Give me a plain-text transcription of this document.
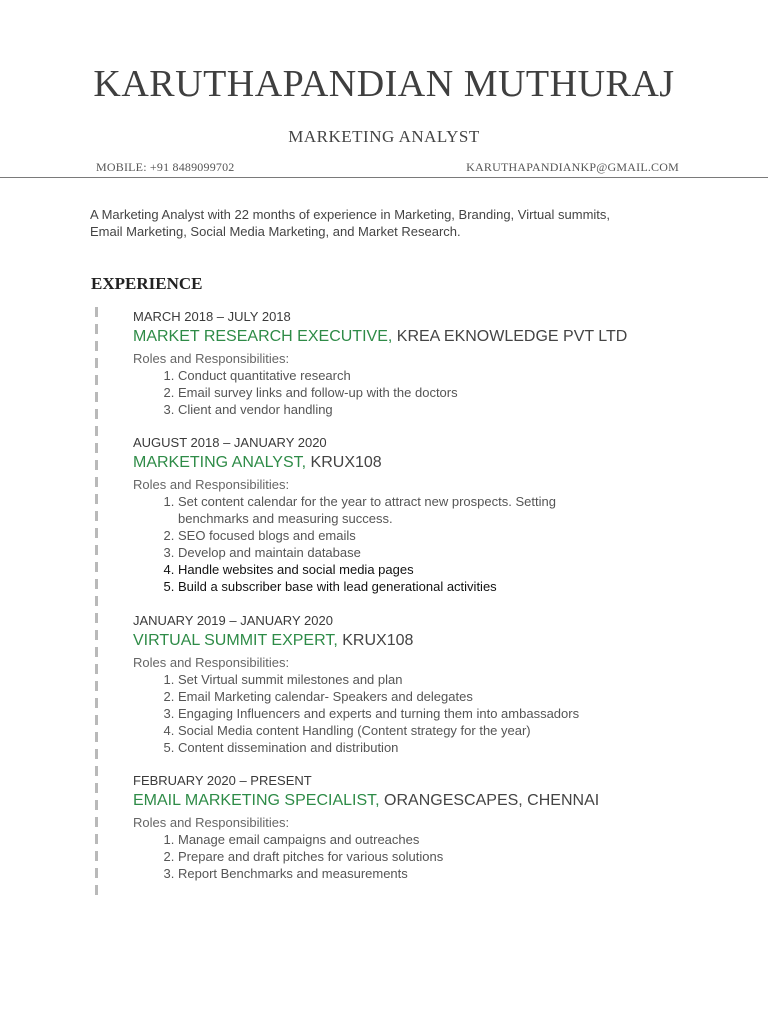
KARUTHAPANDIAN MUTHURAJ
MARKETING ANALYST
MOBILE: +91 8489099702	KARUTHAPANDIANKP@GMAIL.COM
A Marketing Analyst with 22 months of experience in Marketing, Branding, Virtual summits, Email Marketing, Social Media Marketing, and Market Research.
EXPERIENCE
MARCH 2018 – JULY 2018
MARKET RESEARCH EXECUTIVE, KREA EKNOWLEDGE PVT LTD
Roles and Responsibilities:
1. Conduct quantitative research
2. Email survey links and follow-up with the doctors
3. Client and vendor handling
AUGUST 2018 – JANUARY 2020
MARKETING ANALYST, KRUX108
Roles and Responsibilities:
1. Set content calendar for the year to attract new prospects. Setting benchmarks and measuring success.
2. SEO focused blogs and emails
3. Develop and maintain database
4. Handle websites and social media pages
5. Build a subscriber base with lead generational activities
JANUARY 2019 – JANUARY 2020
VIRTUAL SUMMIT EXPERT, KRUX108
Roles and Responsibilities:
1. Set Virtual summit milestones and plan
2. Email Marketing calendar- Speakers and delegates
3. Engaging Influencers and experts and turning them into ambassadors
4. Social Media content Handling (Content strategy for the year)
5. Content dissemination and distribution
FEBRUARY 2020 – PRESENT
EMAIL MARKETING SPECIALIST, ORANGESCAPES, CHENNAI
Roles and Responsibilities:
1. Manage email campaigns and outreaches
2. Prepare and draft pitches for various solutions
3. Report Benchmarks and measurements
